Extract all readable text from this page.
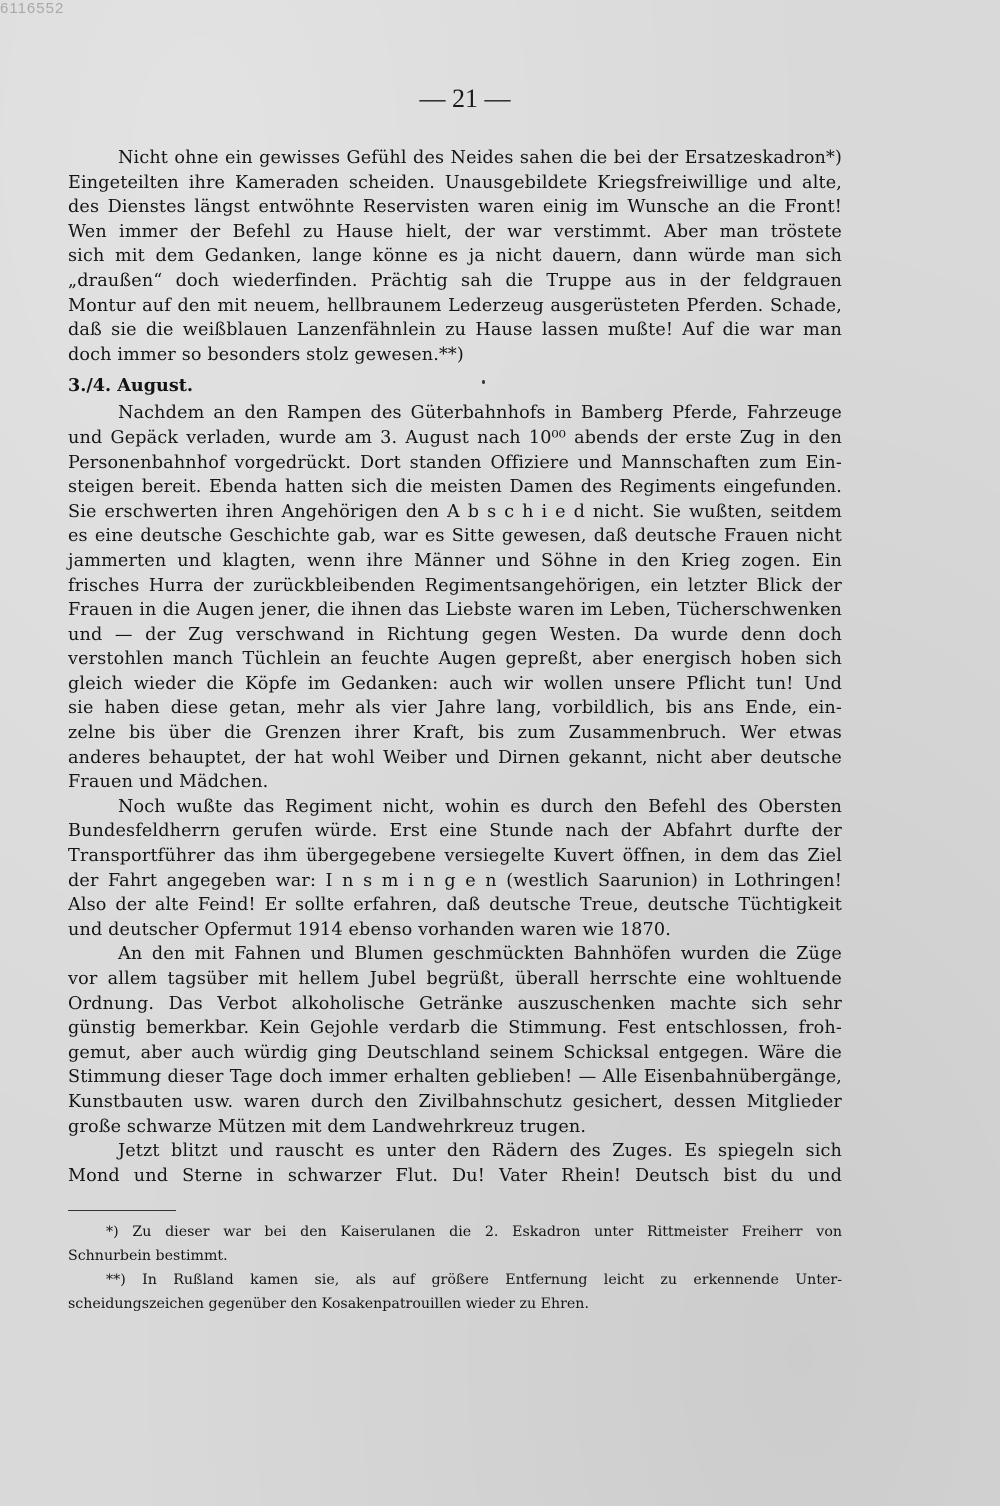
6116552
— 21 —
Nicht ohne ein gewisses Gefühl des Neides sahen die bei der Ersatzeskadron*)
Eingeteilten ihre Kameraden scheiden. Unausgebildete Kriegsfreiwillige und alte,
des Dienstes längst entwöhnte Reservisten waren einig im Wunsche an die Front!
Wen immer der Befehl zu Hause hielt, der war verstimmt. Aber man tröstete
sich mit dem Gedanken, lange könne es ja nicht dauern, dann würde man sich
„draußen“ doch wiederfinden. Prächtig sah die Truppe aus in der feldgrauen
Montur auf den mit neuem, hellbraunem Lederzeug ausgerüsteten Pferden. Schade,
daß sie die weißblauen Lanzenfähnlein zu Hause lassen mußte! Auf die war man
doch immer so besonders stolz gewesen.**)
3./4. August.
Nachdem an den Rampen des Güterbahnhofs in Bamberg Pferde, Fahrzeuge
und Gepäck verladen, wurde am 3. August nach 10⁰⁰ abends der erste Zug in den
Personenbahnhof vorgedrückt. Dort standen Offiziere und Mannschaften zum Ein-
steigen bereit. Ebenda hatten sich die meisten Damen des Regiments eingefunden.
Sie erschwerten ihren Angehörigen den A b s c h i e d nicht. Sie wußten, seitdem
es eine deutsche Geschichte gab, war es Sitte gewesen, daß deutsche Frauen nicht
jammerten und klagten, wenn ihre Männer und Söhne in den Krieg zogen. Ein
frisches Hurra der zurückbleibenden Regimentsangehörigen, ein letzter Blick der
Frauen in die Augen jener, die ihnen das Liebste waren im Leben, Tücherschwenken
und — der Zug verschwand in Richtung gegen Westen. Da wurde denn doch
verstohlen manch Tüchlein an feuchte Augen gepreßt, aber energisch hoben sich
gleich wieder die Köpfe im Gedanken: auch wir wollen unsere Pflicht tun! Und
sie haben diese getan, mehr als vier Jahre lang, vorbildlich, bis ans Ende, ein-
zelne bis über die Grenzen ihrer Kraft, bis zum Zusammenbruch. Wer etwas
anderes behauptet, der hat wohl Weiber und Dirnen gekannt, nicht aber deutsche
Frauen und Mädchen.
Noch wußte das Regiment nicht, wohin es durch den Befehl des Obersten
Bundesfeldherrn gerufen würde. Erst eine Stunde nach der Abfahrt durfte der
Transportführer das ihm übergegebene versiegelte Kuvert öffnen, in dem das Ziel
der Fahrt angegeben war: I n s m i n g e n (westlich Saarunion) in Lothringen!
Also der alte Feind! Er sollte erfahren, daß deutsche Treue, deutsche Tüchtigkeit
und deutscher Opfermut 1914 ebenso vorhanden waren wie 1870.
An den mit Fahnen und Blumen geschmückten Bahnhöfen wurden die Züge
vor allem tagsüber mit hellem Jubel begrüßt, überall herrschte eine wohltuende
Ordnung. Das Verbot alkoholische Getränke auszuschenken machte sich sehr
günstig bemerkbar. Kein Gejohle verdarb die Stimmung. Fest entschlossen, froh-
gemut, aber auch würdig ging Deutschland seinem Schicksal entgegen. Wäre die
Stimmung dieser Tage doch immer erhalten geblieben! — Alle Eisenbahnübergänge,
Kunstbauten usw. waren durch den Zivilbahnschutz gesichert, dessen Mitglieder
große schwarze Mützen mit dem Landwehrkreuz trugen.
Jetzt blitzt und rauscht es unter den Rädern des Zuges. Es spiegeln sich
Mond und Sterne in schwarzer Flut. Du! Vater Rhein! Deutsch bist du und
*) Zu dieser war bei den Kaiserulanen die 2. Eskadron unter Rittmeister Freiherr von
Schnurbein bestimmt.
**) In Rußland kamen sie, als auf größere Entfernung leicht zu erkennende Unter-
scheidungszeichen gegenüber den Kosakenpatrouillen wieder zu Ehren.
